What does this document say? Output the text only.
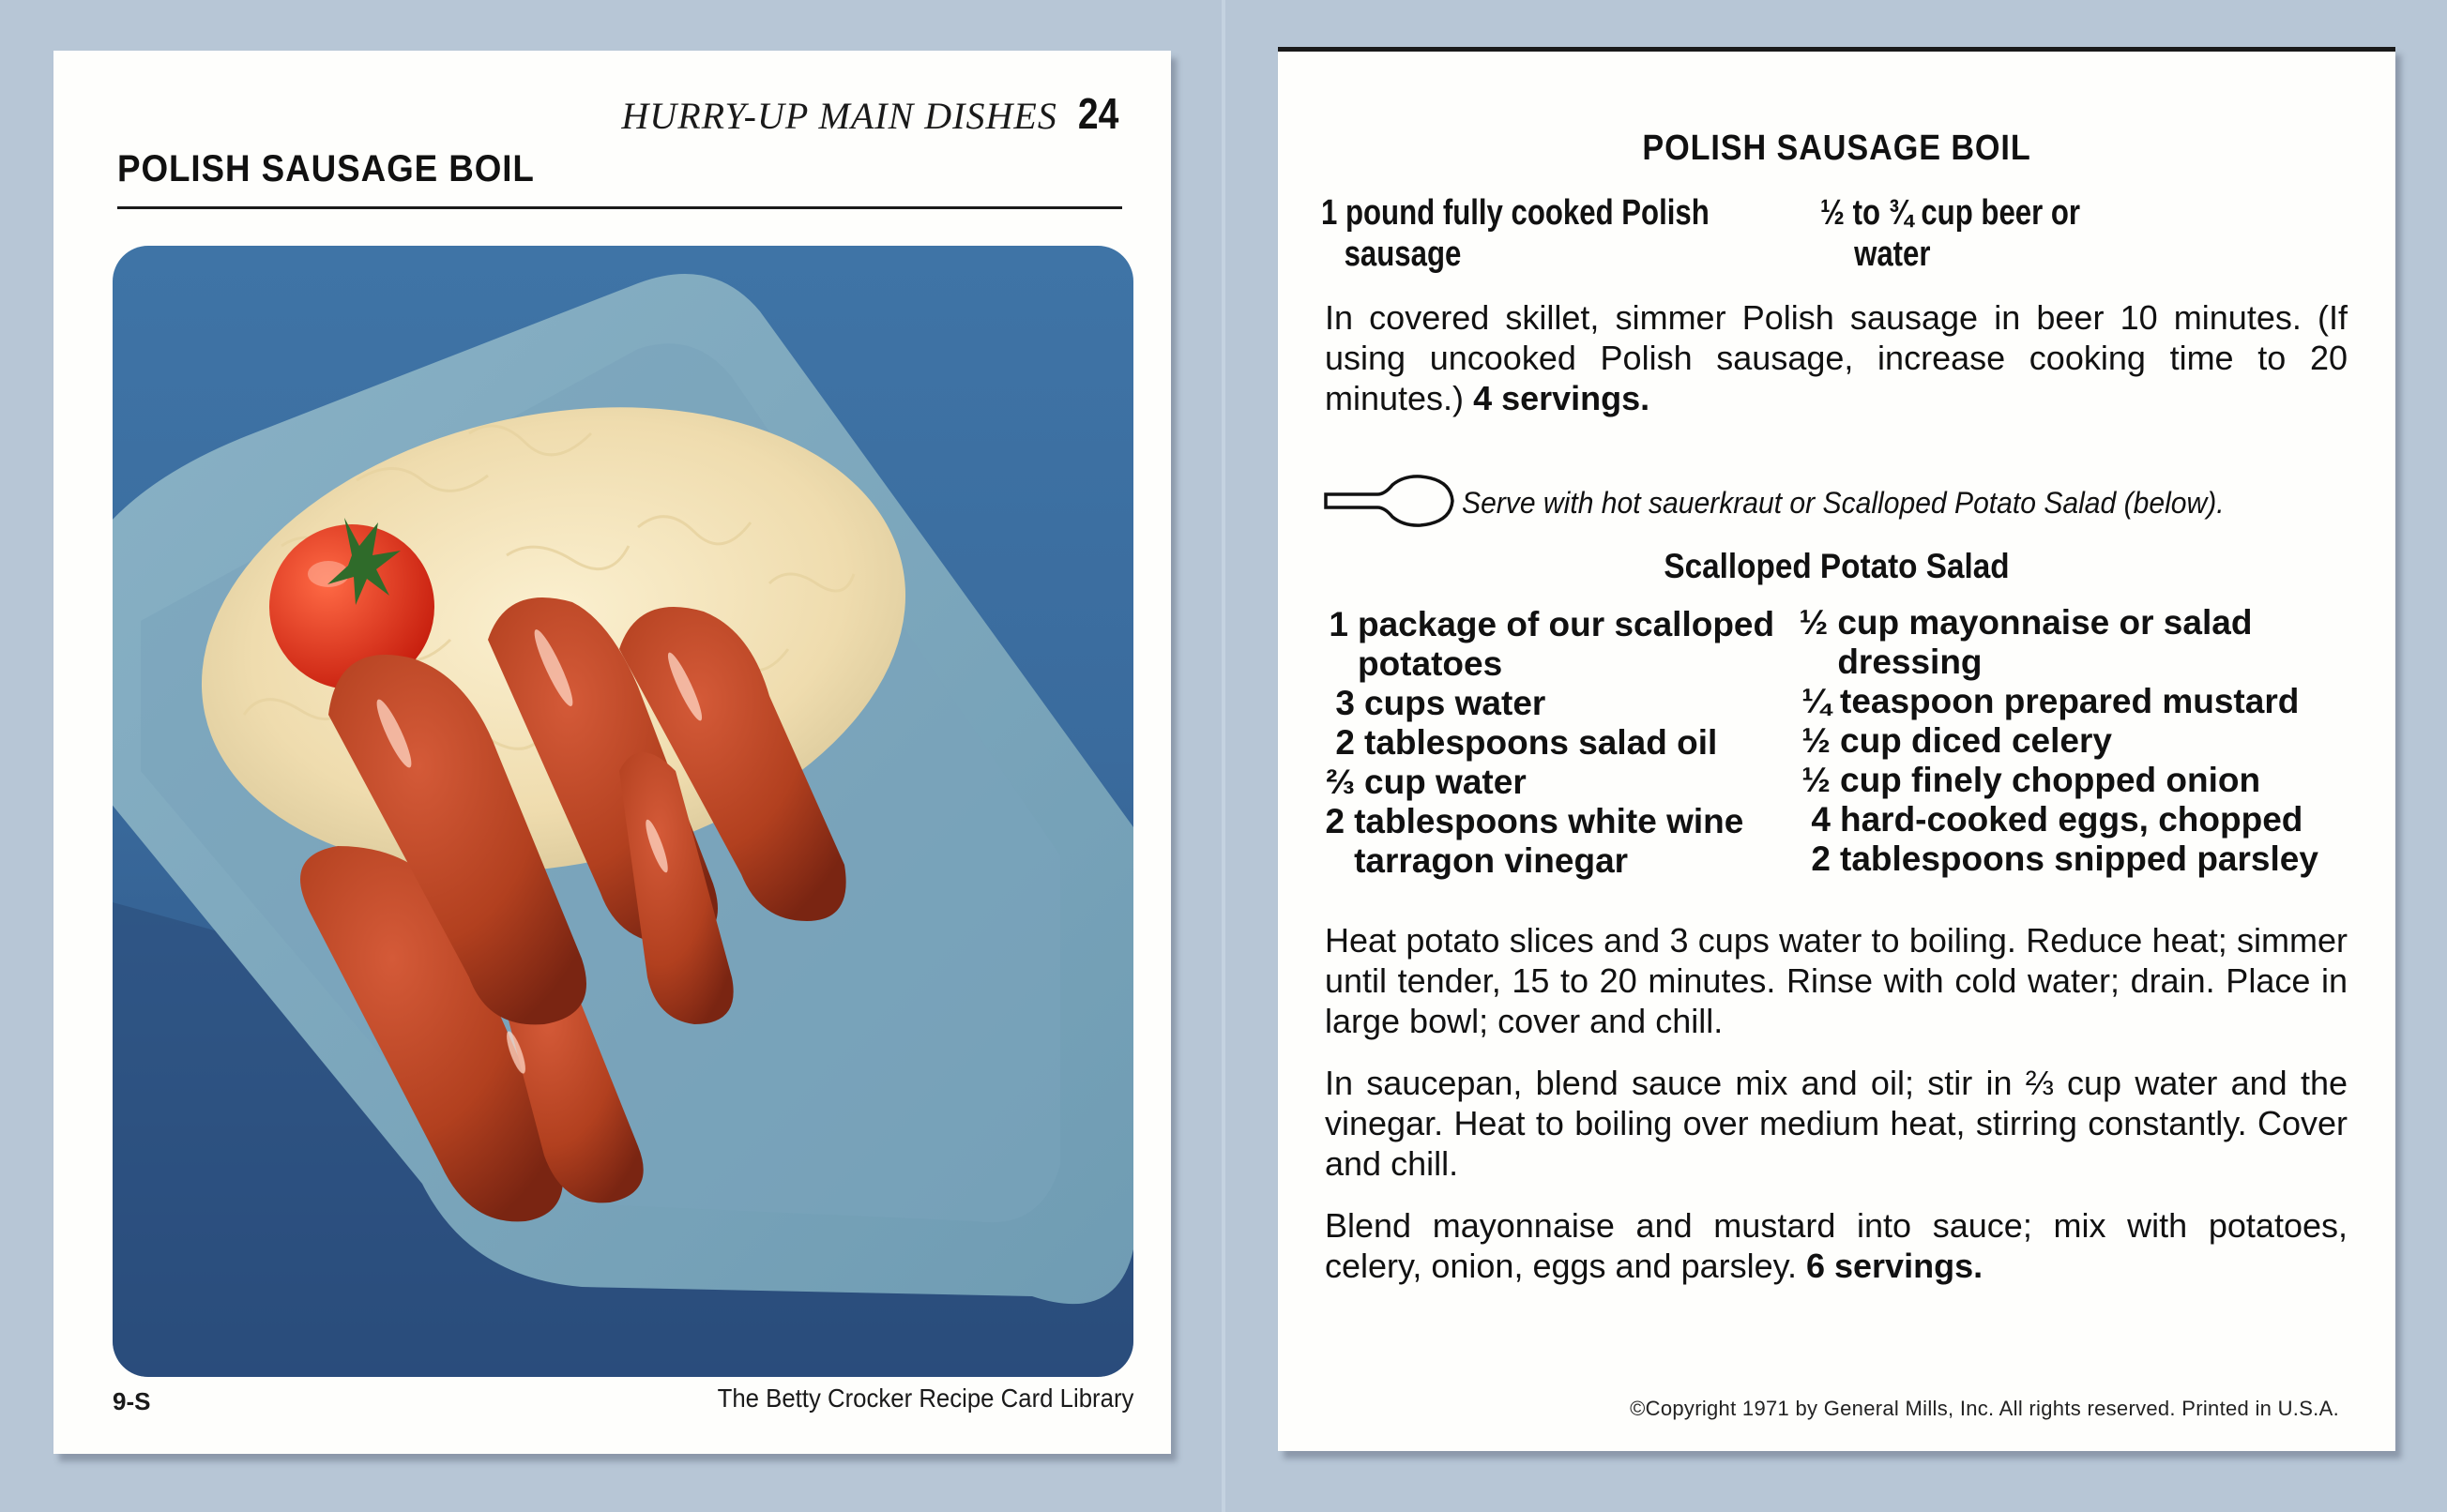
HURRY-UP MAIN DISHES 24
POLISH SAUSAGE BOIL
9-S	The Betty Crocker Recipe Card Library
POLISH SAUSAGE BOIL
1 pound fully cooked Polish
sausage
½ to ¾ cup beer or
water
In covered skillet, simmer Polish sausage in beer 10 minutes. (If using uncooked Polish sausage, increase cooking time to 20 minutes.) 4 servings.
Serve with hot sauerkraut or Scalloped Potato Salad (below).
Scalloped Potato Salad
1 package of our scalloped potatoes
3 cups water
2 tablespoons salad oil
⅔ cup water
2 tablespoons white wine tarragon vinegar
½ cup mayonnaise or salad dressing
¼ teaspoon prepared mustard
½ cup diced celery
½ cup finely chopped onion
4 hard-cooked eggs, chopped
2 tablespoons snipped parsley
Heat potato slices and 3 cups water to boiling. Reduce heat; simmer until tender, 15 to 20 minutes. Rinse with cold water; drain. Place in large bowl; cover and chill.
In saucepan, blend sauce mix and oil; stir in ⅔ cup water and the vinegar. Heat to boiling over medium heat, stirring constantly. Cover and chill.
Blend mayonnaise and mustard into sauce; mix with potatoes, celery, onion, eggs and parsley. 6 servings.
©Copyright 1971 by General Mills, Inc. All rights reserved. Printed in U.S.A.
